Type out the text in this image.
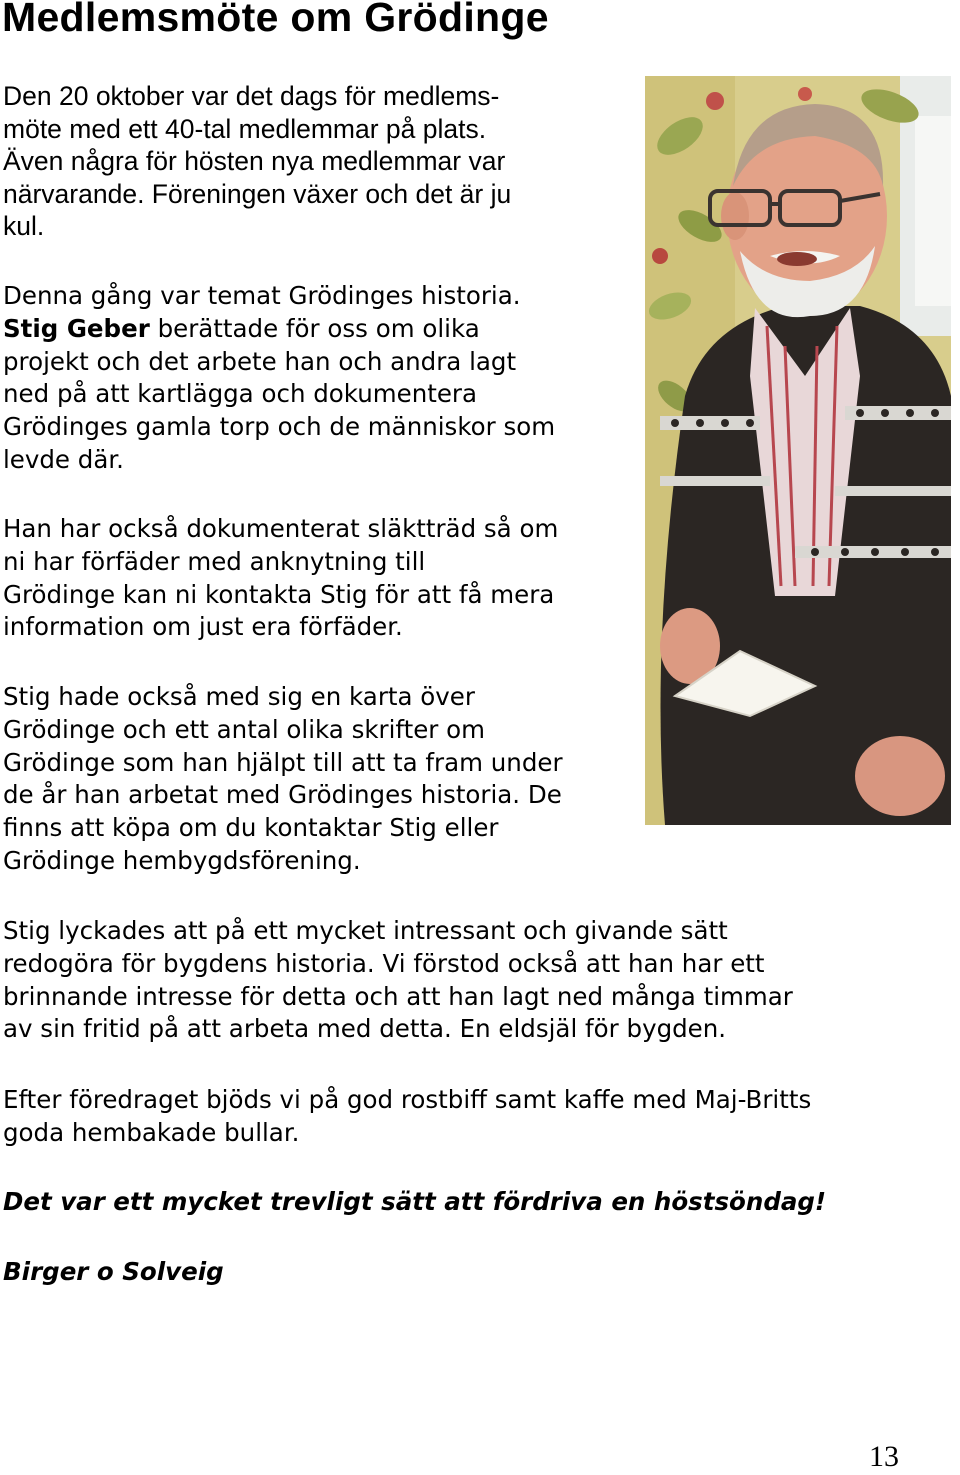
Medlemsmöte om Grödinge

Den 20 oktober var det dags för medlems-
möte med ett 40-tal medlemmar på plats.
Även några för hösten nya medlemmar var
närvarande. Föreningen växer och det är ju
kul.

Denna gång var temat Grödinges historia.
Stig Geber berättade för oss om olika
projekt och det arbete han och andra lagt
ned på att kartlägga och dokumentera
Grödinges gamla torp och de människor som
levde där.

Han har också dokumenterat släktträd så om
ni har förfäder med anknytning till
Grödinge kan ni kontakta Stig för att få mera
information om just era förfäder.

Stig hade också med sig en karta över
Grödinge och ett antal olika skrifter om
Grödinge som han hjälpt till att ta fram under
de år han arbetat med Grödinges historia. De
finns att köpa om du kontaktar Stig eller
Grödinge hembygdsförening.

Stig lyckades att på ett mycket intressant och givande sätt
redogöra för bygdens historia. Vi förstod också att han har ett
brinnande intresse för detta och att han lagt ned många timmar
av sin fritid på att arbeta med detta. En eldsjäl för bygden.

Efter föredraget bjöds vi på god rostbiff samt kaffe med Maj-Britts
goda hembakade bullar.

Det var ett mycket trevligt sätt att fördriva en höstsöndag!

Birger o Solveig

13
